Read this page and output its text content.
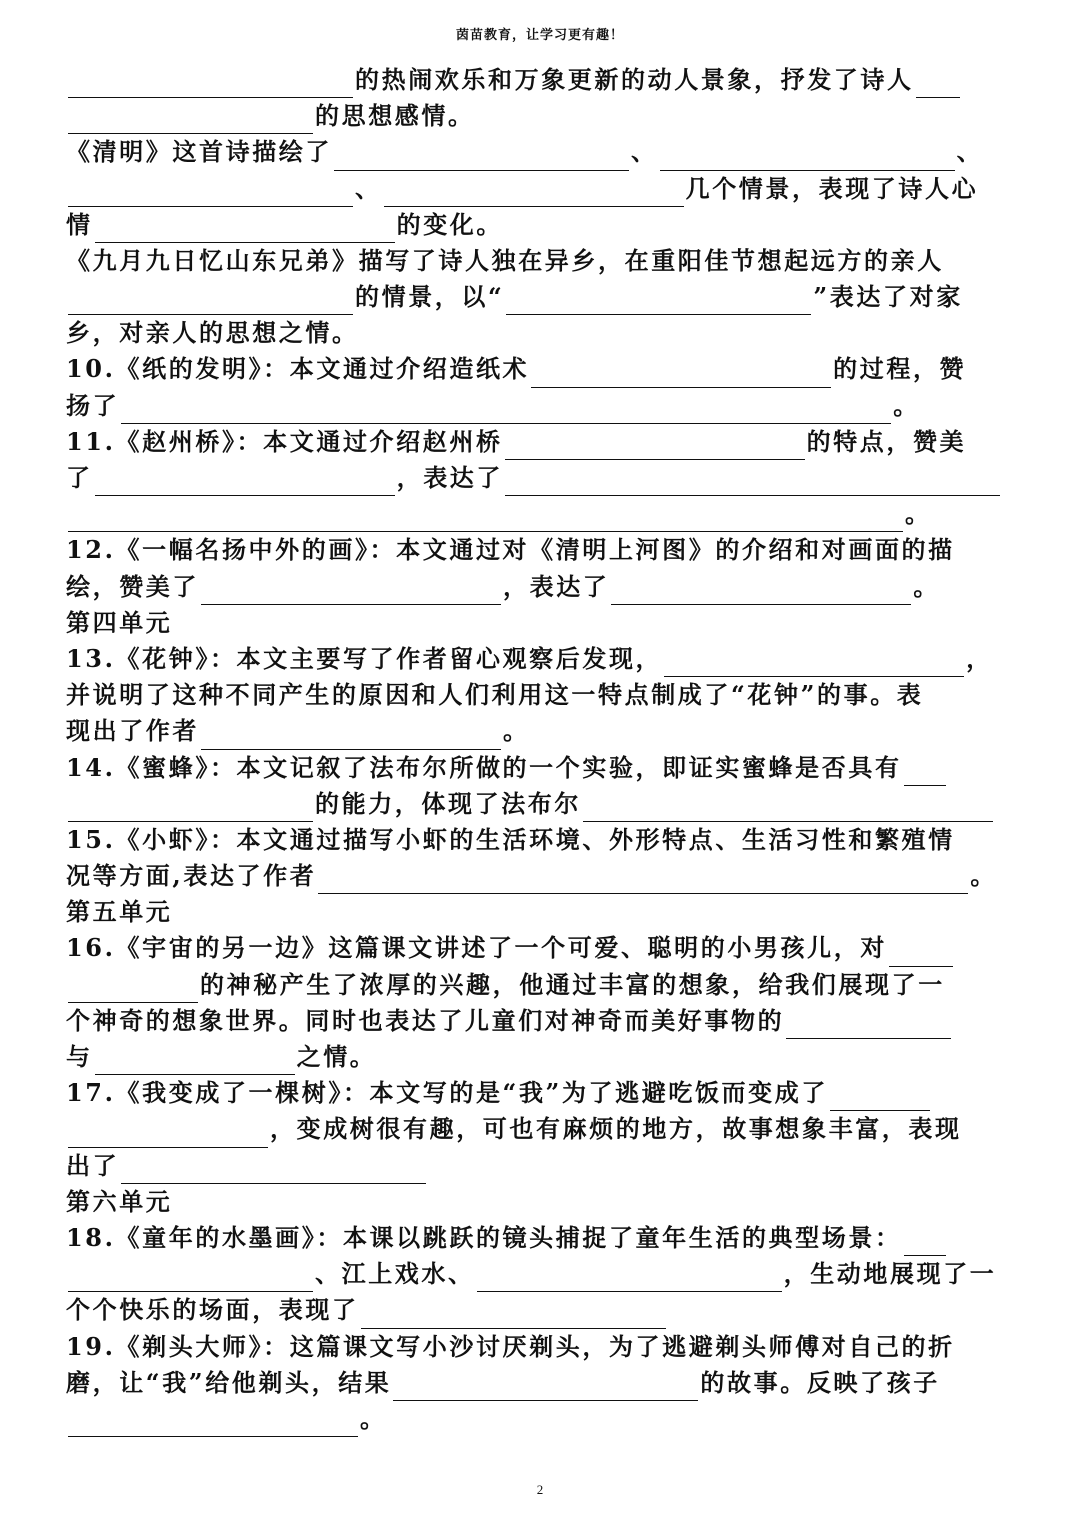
茵苗教育，让学习更有趣！
的热闹欢乐和万象更新的动人景象，抒发了诗人
的思想感情。
《清明》这首诗描绘了	、	、
、	几个情景，表现了诗人心
情	的变化。
《九月九日忆山东兄弟》描写了诗人独在异乡，在重阳佳节想起远方的亲人
的情景，以“	”表达了对家
乡，对亲人的思想之情。
10.《纸的发明》：本文通过介绍造纸术	的过程，赞
扬了	。
11.《赵州桥》：本文通过介绍赵州桥	的特点，赞美
了	，表达了
。
12.《一幅名扬中外的画》：本文通过对《清明上河图》的介绍和对画面的描
绘，赞美了	，表达了	。
第四单元
13.《花钟》：本文主要写了作者留心观察后发现，	，
并说明了这种不同产生的原因和人们利用这一特点制成了“花钟”的事。表
现出了作者	。
14.《蜜蜂》：本文记叙了法布尔所做的一个实验，即证实蜜蜂是否具有
的能力，体现了法布尔
15.《小虾》：本文通过描写小虾的生活环境、外形特点、生活习性和繁殖情
况等方面,表达了作者	。
第五单元
16.《宇宙的另一边》这篇课文讲述了一个可爱、聪明的小男孩儿，对
的神秘产生了浓厚的兴趣，他通过丰富的想象，给我们展现了一
个神奇的想象世界。同时也表达了儿童们对神奇而美好事物的
与	之情。
17.《我变成了一棵树》：本文写的是“我”为了逃避吃饭而变成了
，变成树很有趣，可也有麻烦的地方，故事想象丰富，表现
出了
第六单元
18.《童年的水墨画》：本课以跳跃的镜头捕捉了童年生活的典型场景：
、江上戏水、	，生动地展现了一
个个快乐的场面，表现了
19.《剃头大师》：这篇课文写小沙讨厌剃头，为了逃避剃头师傅对自己的折
磨，让“我”给他剃头，结果	的故事。反映了孩子
。
2
